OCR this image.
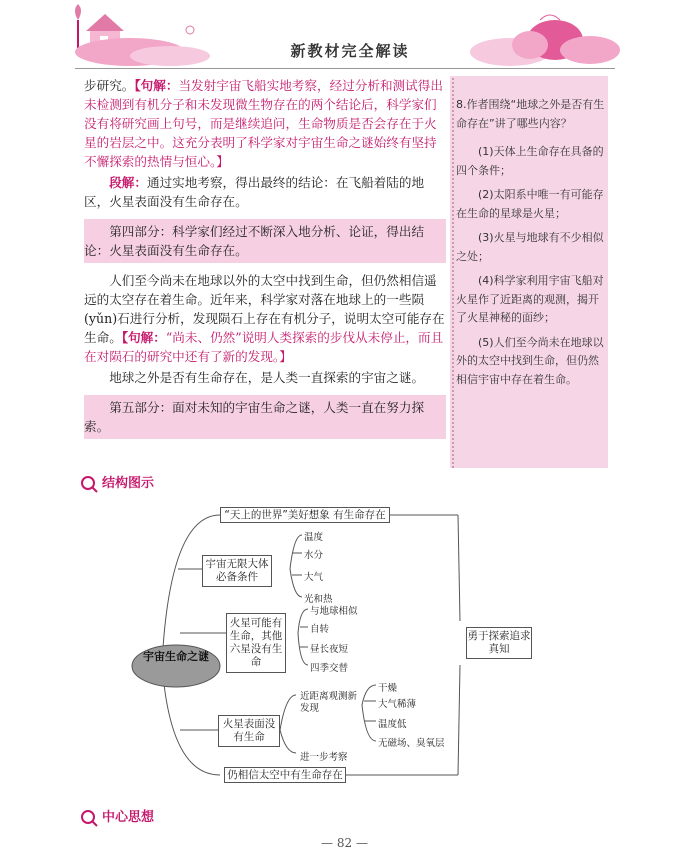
新教材完全解读

步研究。【句解：当发射宇宙飞船实地考察，经过分析和测试得出未检测到有机分子和未发现微生物存在的两个结论后，科学家们没有将研究画上句号，而是继续追问，生命物质是否会存在于火星的岩层之中。这充分表明了科学家对宇宙生命之谜始终有坚持不懈探索的热情与恒心。】

段解：通过实地考察，得出最终的结论：在飞船着陆的地区，火星表面没有生命存在。

第四部分：科学家们经过不断深入地分析、论证，得出结论：火星表面没有生命存在。

人们至今尚未在地球以外的太空中找到生命，但仍然相信遥远的太空存在着生命。近年来，科学家对落在地球上的一些陨(yǔn)石进行分析，发现陨石上存在有机分子，说明太空可能存在生命。【句解：“尚未、仍然”说明人类探索的步伐从未停止，而且在对陨石的研究中还有了新的发现。】

地球之外是否有生命存在，是人类一直探索的宇宙之谜。

第五部分：面对未知的宇宙生命之谜，人类一直在努力探索。

8.作者围绕“地球之外是否有生命存在”讲了哪些内容？

(1)天体上生命存在具备的四个条件；

(2)太阳系中唯一有可能存在生命的星球是火星；

(3)火星与地球有不少相似之处；

(4)科学家利用宇宙飞船对火星作了近距离的观测，揭开了火星神秘的面纱；

(5)人们至今尚未在地球以外的太空中找到生命，但仍然相信宇宙中存在着生命。

结构图示
宇宙生命之谜
“天上的世界”美好想象 有生命存在
宇宙无限大体必备条件
温度
水分
大气
光和热
火星可能有生命，其他六星没有生命
与地球相似
自转
昼长夜短
四季交替
火星表面没有生命
近距离观测新发现
干燥
大气稀薄
温度低
无磁场、臭氧层
进一步考察
仍相信太空中有生命存在
勇于探索追求真知
中心思想
— 82 —
